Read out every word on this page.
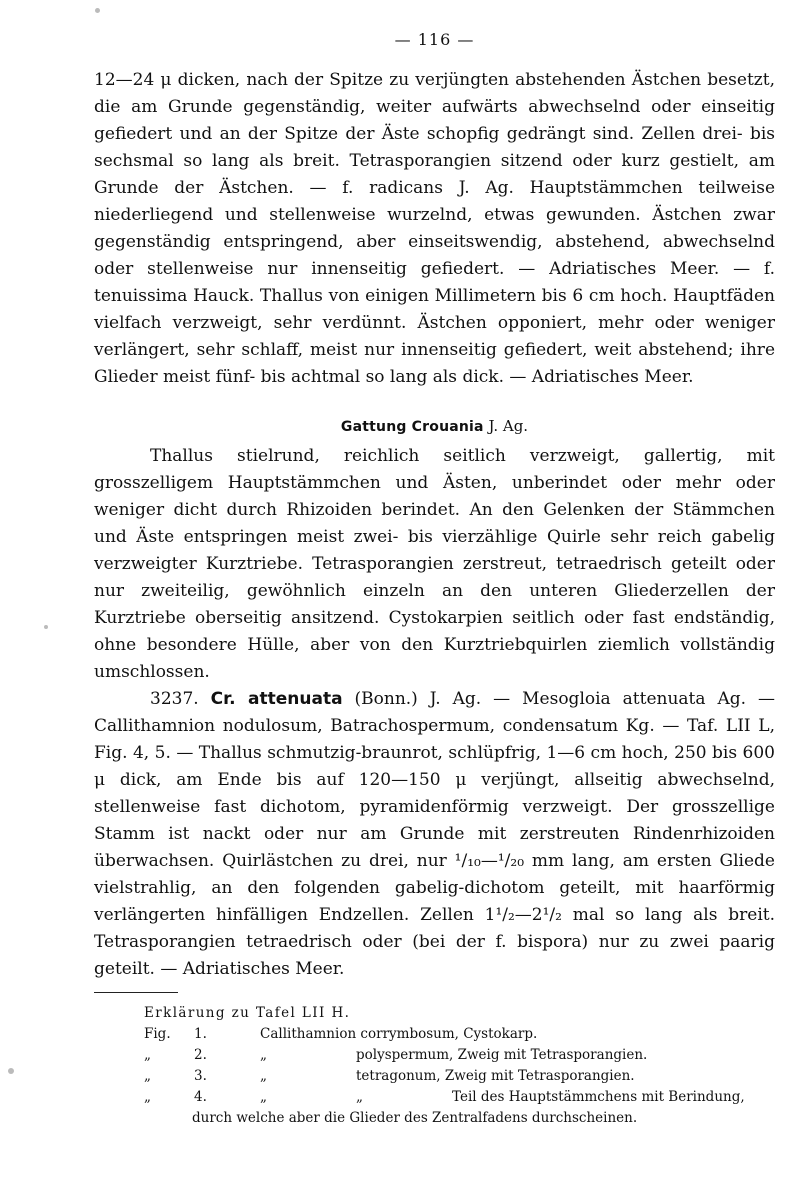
— 116 —

12—24 μ dicken, nach der Spitze zu verjüngten abstehenden Ästchen besetzt, die am Grunde gegenständig, weiter aufwärts abwechselnd oder einseitig gefiedert und an der Spitze der Äste schopfig gedrängt sind. Zellen drei- bis sechsmal so lang als breit. Tetrasporangien sitzend oder kurz gestielt, am Grunde der Ästchen. — f. radicans J. Ag. Hauptstämmchen teilweise niederliegend und stellenweise wurzelnd, etwas gewunden. Ästchen zwar gegenständig entspringend, aber einseitswendig, abstehend, abwechselnd oder stellenweise nur innenseitig gefiedert. — Adriatisches Meer. — f. tenuissima Hauck. Thallus von einigen Millimetern bis 6 cm hoch. Hauptfäden vielfach verzweigt, sehr verdünnt. Ästchen opponiert, mehr oder weniger verlängert, sehr schlaff, meist nur innenseitig gefiedert, weit abstehend; ihre Glieder meist fünf- bis achtmal so lang als dick. — Adriatisches Meer.

Gattung Crouania J. Ag.

Thallus stielrund, reichlich seitlich verzweigt, gallertig, mit grosszelligem Hauptstämmchen und Ästen, unberindet oder mehr oder weniger dicht durch Rhizoiden berindet. An den Gelenken der Stämmchen und Äste entspringen meist zwei- bis vierzählige Quirle sehr reich gabelig verzweigter Kurztriebe. Tetrasporangien zerstreut, tetraedrisch geteilt oder nur zweiteilig, gewöhnlich einzeln an den unteren Gliederzellen der Kurztriebe oberseitig ansitzend. Cystokarpien seitlich oder fast endständig, ohne besondere Hülle, aber von den Kurztriebquirlen ziemlich vollständig umschlossen.

3237. Cr. attenuata (Bonn.) J. Ag. — Mesogloia attenuata Ag. — Callithamnion nodulosum, Batrachospermum, condensatum Kg. — Taf. LII L, Fig. 4, 5. — Thallus schmutzig-braunrot, schlüpfrig, 1—6 cm hoch, 250 bis 600 μ dick, am Ende bis auf 120—150 μ verjüngt, allseitig abwechselnd, stellenweise fast dichotom, pyramidenförmig verzweigt. Der grosszellige Stamm ist nackt oder nur am Grunde mit zerstreuten Rindenrhizoiden überwachsen. Quirlästchen zu drei, nur ¹/₁₀—¹/₂₀ mm lang, am ersten Gliede vielstrahlig, an den folgenden gabelig-dichotom geteilt, mit haarförmig verlängerten hinfälligen Endzellen. Zellen 1¹/₂—2¹/₂ mal so lang als breit. Tetrasporangien tetraedrisch oder (bei der f. bispora) nur zu zwei paarig geteilt. — Adriatisches Meer.

Erklärung zu Tafel LII H.
Fig.	1.	Callithamnion corrymbosum, Cystokarp.
„	2.	„	polyspermum, Zweig mit Tetrasporangien.
„	3.	„	tetragonum, Zweig mit Tetrasporangien.
„	4.	„	„	Teil des Hauptstämmchens mit Berindung,
durch welche aber die Glieder des Zentralfadens durchscheinen.
